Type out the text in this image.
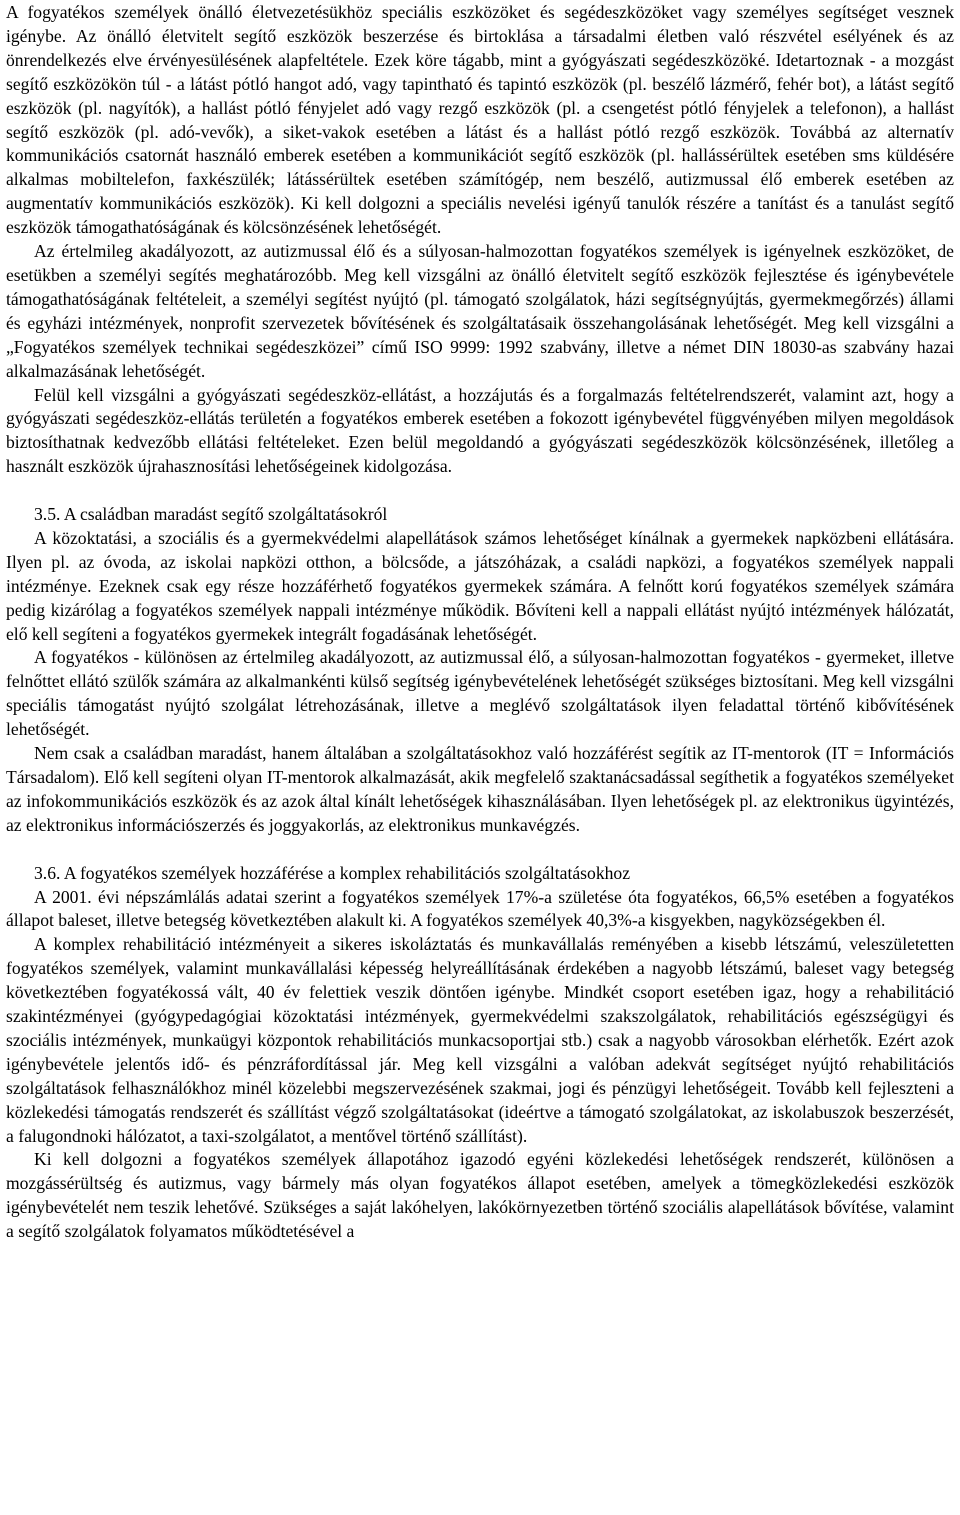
A fogyatékos személyek önálló életvezetésükhöz speciális eszközöket és segédeszközöket vagy személyes segítséget vesznek igénybe. Az önálló életvitelt segítő eszközök beszerzése és birtoklása a társadalmi életben való részvétel esélyének és az önrendelkezés elve érvényesülésének alapfeltétele. Ezek köre tágabb, mint a gyógyászati segédeszközöké. Idetartoznak - a mozgást segítő eszközökön túl - a látást pótló hangot adó, vagy tapintható és tapintó eszközök (pl. beszélő lázmérő, fehér bot), a látást segítő eszközök (pl. nagyítók), a hallást pótló fényjelet adó vagy rezgő eszközök (pl. a csengetést pótló fényjelek a telefonon), a hallást segítő eszközök (pl. adó-vevők), a siket-vakok esetében a látást és a hallást pótló rezgő eszközök. Továbbá az alternatív kommunikációs csatornát használó emberek esetében a kommunikációt segítő eszközök (pl. hallássérültek esetében sms küldésére alkalmas mobiltelefon, faxkészülék; látássérültek esetében számítógép, nem beszélő, autizmussal élő emberek esetében az augmentatív kommunikációs eszközök). Ki kell dolgozni a speciális nevelési igényű tanulók részére a tanítást és a tanulást segítő eszközök támogathatóságának és kölcsönzésének lehetőségét.

Az értelmileg akadályozott, az autizmussal élő és a súlyosan-halmozottan fogyatékos személyek is igényelnek eszközöket, de esetükben a személyi segítés meghatározóbb. Meg kell vizsgálni az önálló életvitelt segítő eszközök fejlesztése és igénybevétele támogathatóságának feltételeit, a személyi segítést nyújtó (pl. támogató szolgálatok, házi segítségnyújtás, gyermekmegőrzés) állami és egyházi intézmények, nonprofit szervezetek bővítésének és szolgáltatásaik összehangolásának lehetőségét. Meg kell vizsgálni a „Fogyatékos személyek technikai segédeszközei” című ISO 9999: 1992 szabvány, illetve a német DIN 18030-as szabvány hazai alkalmazásának lehetőségét.

Felül kell vizsgálni a gyógyászati segédeszköz-ellátást, a hozzájutás és a forgalmazás feltételrendszerét, valamint azt, hogy a gyógyászati segédeszköz-ellátás területén a fogyatékos emberek esetében a fokozott igénybevétel függvényében milyen megoldások biztosíthatnak kedvezőbb ellátási feltételeket. Ezen belül megoldandó a gyógyászati segédeszközök kölcsönzésének, illetőleg a használt eszközök újrahasznosítási lehetőségeinek kidolgozása.

3.5. A családban maradást segítő szolgáltatásokról

A közoktatási, a szociális és a gyermekvédelmi alapellátások számos lehetőséget kínálnak a gyermekek napközbeni ellátására. Ilyen pl. az óvoda, az iskolai napközi otthon, a bölcsőde, a játszóházak, a családi napközi, a fogyatékos személyek nappali intézménye. Ezeknek csak egy része hozzáférhető fogyatékos gyermekek számára. A felnőtt korú fogyatékos személyek számára pedig kizárólag a fogyatékos személyek nappali intézménye működik. Bővíteni kell a nappali ellátást nyújtó intézmények hálózatát, elő kell segíteni a fogyatékos gyermekek integrált fogadásának lehetőségét.

A fogyatékos - különösen az értelmileg akadályozott, az autizmussal élő, a súlyosan-halmozottan fogyatékos - gyermeket, illetve felnőttet ellátó szülők számára az alkalmankénti külső segítség igénybevételének lehetőségét szükséges biztosítani. Meg kell vizsgálni speciális támogatást nyújtó szolgálat létrehozásának, illetve a meglévő szolgáltatások ilyen feladattal történő kibővítésének lehetőségét.

Nem csak a családban maradást, hanem általában a szolgáltatásokhoz való hozzáférést segítik az IT-mentorok (IT = Információs Társadalom). Elő kell segíteni olyan IT-mentorok alkalmazását, akik megfelelő szaktanácsadással segíthetik a fogyatékos személyeket az infokommunikációs eszközök és az azok által kínált lehetőségek kihasználásában. Ilyen lehetőségek pl. az elektronikus ügyintézés, az elektronikus információszerzés és joggyakorlás, az elektronikus munkavégzés.

3.6. A fogyatékos személyek hozzáférése a komplex rehabilitációs szolgáltatásokhoz

A 2001. évi népszámlálás adatai szerint a fogyatékos személyek 17%-a születése óta fogyatékos, 66,5% esetében a fogyatékos állapot baleset, illetve betegség következtében alakult ki. A fogyatékos személyek 40,3%-a kisgyekben, nagyközségekben él.

A komplex rehabilitáció intézményeit a sikeres iskoláztatás és munkavállalás reményében a kisebb létszámú, veleszületetten fogyatékos személyek, valamint munkavállalási képesség helyreállításának érdekében a nagyobb létszámú, baleset vagy betegség következtében fogyatékossá vált, 40 év felettiek veszik döntően igénybe. Mindkét csoport esetében igaz, hogy a rehabilitáció szakintézményei (gyógypedagógiai közoktatási intézmények, gyermekvédelmi szakszolgálatok, rehabilitációs egészségügyi és szociális intézmények, munkaügyi központok rehabilitációs munkacsoportjai stb.) csak a nagyobb városokban elérhetők. Ezért azok igénybevétele jelentős idő- és pénzráfordítással jár. Meg kell vizsgálni a valóban adekvát segítséget nyújtó rehabilitációs szolgáltatások felhasználókhoz minél közelebbi megszervezésének szakmai, jogi és pénzügyi lehetőségeit. Tovább kell fejleszteni a közlekedési támogatás rendszerét és szállítást végző szolgáltatásokat (ideértve a támogató szolgálatokat, az iskolabuszok beszerzését, a falugondnoki hálózatot, a taxi-szolgálatot, a mentővel történő szállítást).

Ki kell dolgozni a fogyatékos személyek állapotához igazodó egyéni közlekedési lehetőségek rendszerét, különösen a mozgássérültség és autizmus, vagy bármely más olyan fogyatékos állapot esetében, amelyek a tömegközlekedési eszközök igénybevételét nem teszik lehetővé. Szükséges a saját lakóhelyen, lakókörnyezetben történő szociális alapellátások bővítése, valamint a segítő szolgálatok folyamatos működtetésével a
